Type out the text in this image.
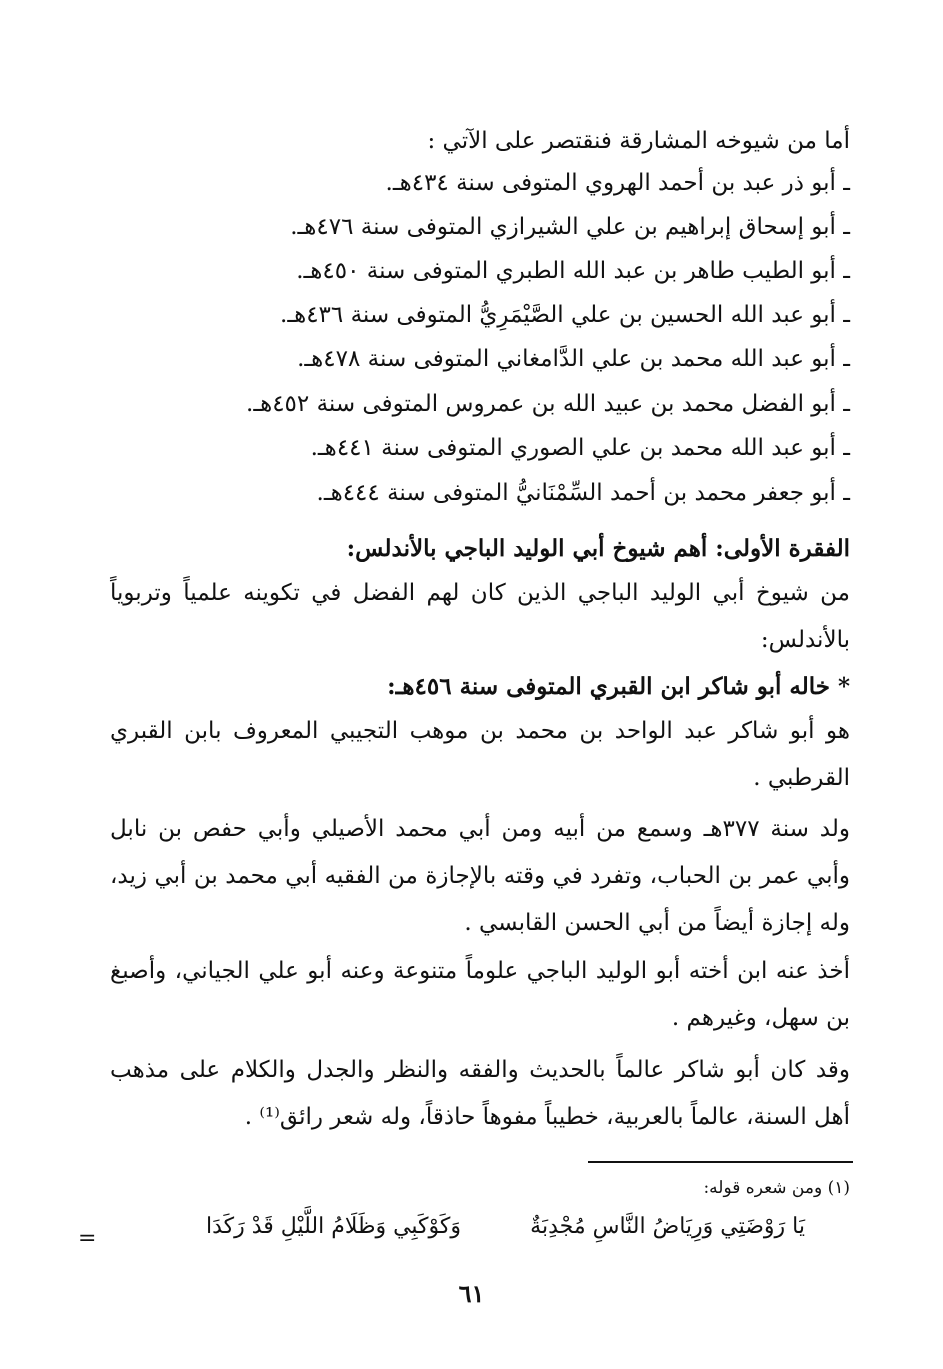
أما من شيوخه المشارقة فنقتصر على الآتي :
ـ أبو ذر عبد بن أحمد الهروي المتوفى سنة ٤٣٤هـ.
ـ أبو إسحاق إبراهيم بن علي الشيرازي المتوفى سنة ٤٧٦هـ.
ـ أبو الطيب طاهر بن عبد الله الطبري المتوفى سنة ٤٥٠هـ.
ـ أبو عبد الله الحسين بن علي الصَّيْمَرِيُّ المتوفى سنة ٤٣٦هـ.
ـ أبو عبد الله محمد بن علي الدَّامغاني المتوفى سنة ٤٧٨هـ.
ـ أبو الفضل محمد بن عبيد الله بن عمروس المتوفى سنة ٤٥٢هـ.
ـ أبو عبد الله محمد بن علي الصوري المتوفى سنة ٤٤١هـ.
ـ أبو جعفر محمد بن أحمد السِّمْنَانيُّ المتوفى سنة ٤٤٤هـ.
الفقرة الأولى: أهم شيوخ أبي الوليد الباجي بالأندلس:
من شيوخ أبي الوليد الباجي الذين كان لهم الفضل في تكوينه علمياً وتربوياً بالأندلس:
* خاله أبو شاكر ابن القبري المتوفى سنة ٤٥٦هـ:
هو أبو شاكر عبد الواحد بن محمد بن موهب التجيبي المعروف بابن القبري القرطبي .
ولد سنة ٣٧٧هـ وسمع من أبيه ومن أبي محمد الأصيلي وأبي حفص بن نابل وأبي عمر بن الحباب، وتفرد في وقته بالإجازة من الفقيه أبي محمد بن أبي زيد، وله إجازة أيضاً من أبي الحسن القابسي .
أخذ عنه ابن أخته أبو الوليد الباجي علوماً متنوعة وعنه أبو علي الجياني، وأصبغ بن سهل، وغيرهم .
وقد كان أبو شاكر عالماً بالحديث والفقه والنظر والجدل والكلام على مذهب أهل السنة، عالماً بالعربية، خطيباً مفوهاً حاذقاً، وله شعر رائق⁽¹⁾ .
(١) ومن شعره قوله:
يَا رَوْضَتِي وَرِيَاضُ النَّاسِ مُجْدِبَةٌ
وَكَوْكَبِي وَظَلَامُ اللَّيْلِ قَدْ رَكَدَا
=
٦١
